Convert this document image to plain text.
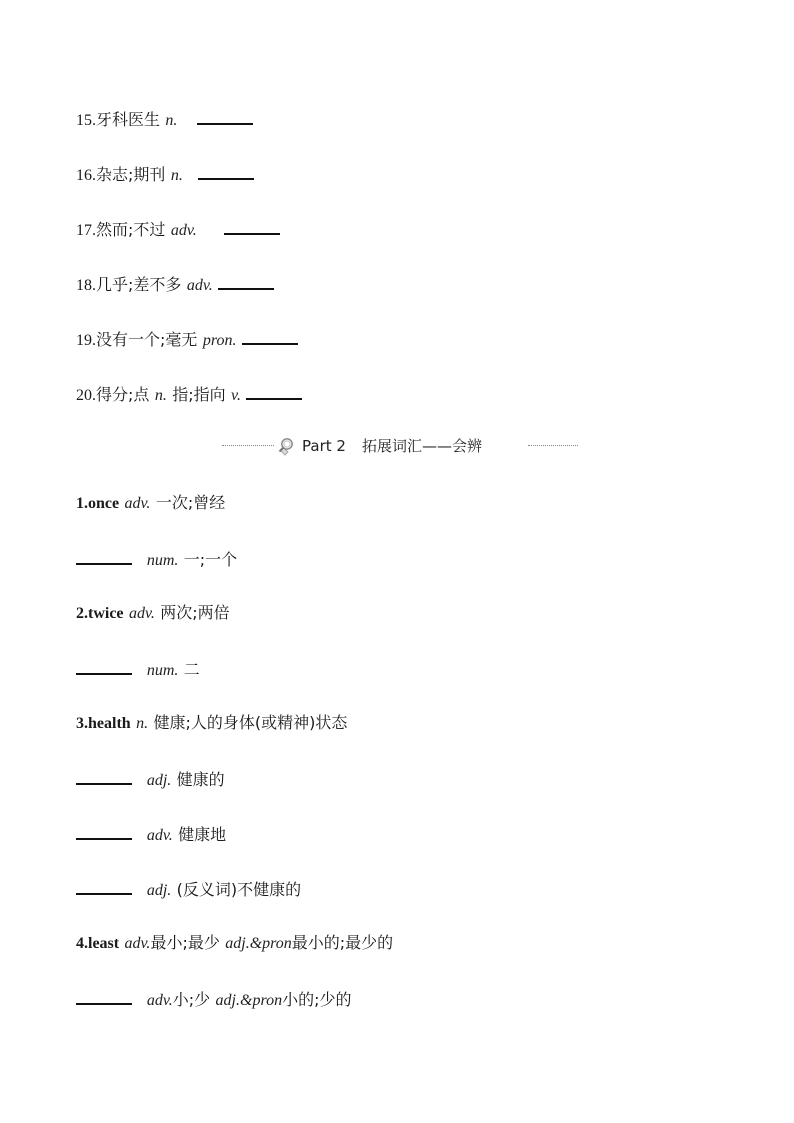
15.牙科医生 n.
16.杂志;期刊 n.
17.然而;不过 adv.
18.几乎;差不多 adv.
19.没有一个;毫无 pron.
20.得分;点 n. 指;指向 v.
Part 2 拓展词汇——会辨
1.once adv. 一次;曾经
num. 一;一个
2.twice adv. 两次;两倍
num. 二
3.health n. 健康;人的身体(或精神)状态
adj. 健康的
adv. 健康地
adj. (反义词)不健康的
4.least adv.最小;最少 adj.&pron最小的;最少的
adv.小;少 adj.&pron小的;少的
